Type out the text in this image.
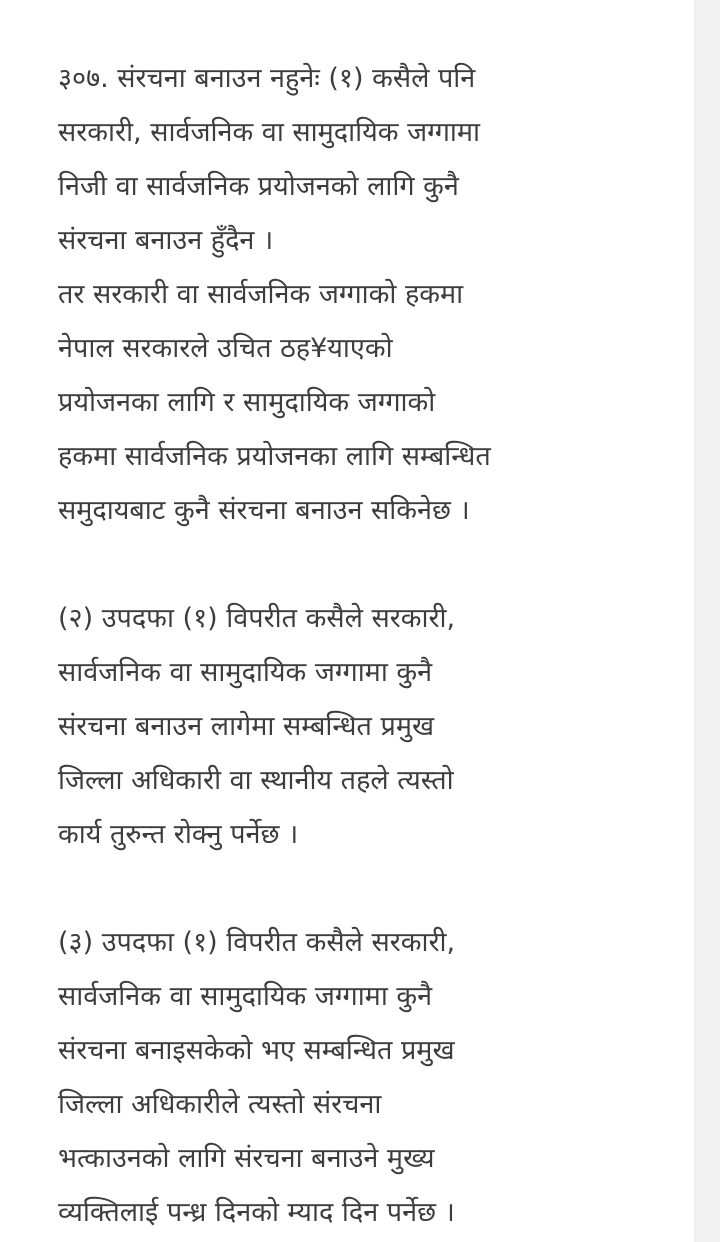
३०७. संरचना बनाउन नहुनेः (१) कसैले पनि
सरकारी, सार्वजनिक वा सामुदायिक जग्गामा
निजी वा सार्वजनिक प्रयोजनको लागि कुनै
संरचना बनाउन हुँदैन ।
तर सरकारी वा सार्वजनिक जग्गाको हकमा
नेपाल सरकारले उचित ठह¥याएको
प्रयोजनका लागि र सामुदायिक जग्गाको
हकमा सार्वजनिक प्रयोजनका लागि सम्बन्धित
समुदायबाट कुनै संरचना बनाउन सकिनेछ ।
(२) उपदफा (१) विपरीत कसैले सरकारी,
सार्वजनिक वा सामुदायिक जग्गामा कुनै
संरचना बनाउन लागेमा सम्बन्धित प्रमुख
जिल्ला अधिकारी वा स्थानीय तहले त्यस्तो
कार्य तुरुन्त रोक्नु पर्नेछ ।
(३) उपदफा (१) विपरीत कसैले सरकारी,
सार्वजनिक वा सामुदायिक जग्गामा कुनै
संरचना बनाइसकेको भए सम्बन्धित प्रमुख
जिल्ला अधिकारीले त्यस्तो संरचना
भत्काउनको लागि संरचना बनाउने मुख्य
व्यक्तिलाई पन्ध्र दिनको म्याद दिन पर्नेछ ।
